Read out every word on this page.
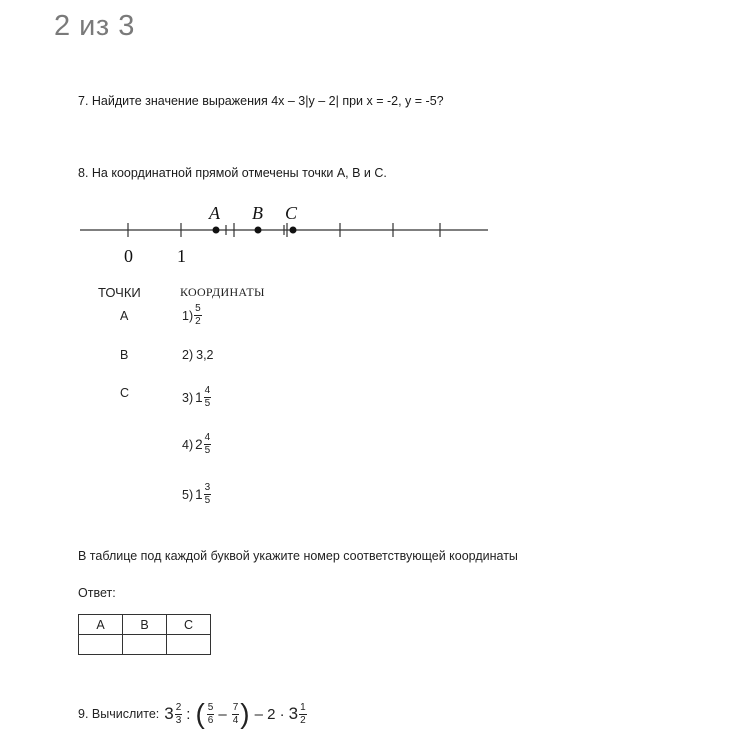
2 из 3
7. Найдите значение выражения 4x – 3|y – 2| при x = -2, y = -5?
8. На координатной прямой отмечены точки А, В и С.
A B C
0 1
ТОЧКИ	КООРДИНАТЫ
А
В
С
$1) \frac{5}{2}$
2) 3,2
3) $1 \frac{4}{5}$
4) $2 \frac{4}{5}$
5) $1 \frac{3}{5}$
В таблице под каждой буквой укажите номер соответствующей координаты
Ответ:
А	В	С

9. Вычислите: $3 \frac{2}{3}$ : ( $\frac{5}{6} - \frac{7}{4}$ ) – $2 \cdot 3 \frac{1}{2}$
